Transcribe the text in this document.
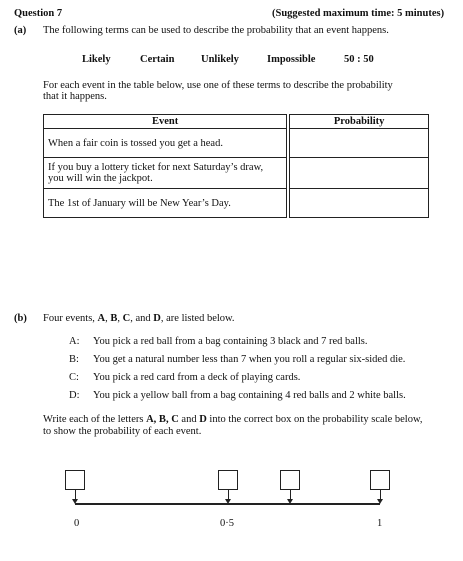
Question 7	(Suggested maximum time: 5 minutes)
(a) The following terms can be used to describe the probability that an event happens.
Likely	Certain	Unlikely	Impossible	50 : 50
For each event in the table below, use one of these terms to describe the probability
that it happens.
Event		Probability
When a fair coin is tossed you get a head.		
If you buy a lottery ticket for next Saturday’s draw,
you will win the jackpot.		
The 1st of January will be New Year’s Day.		
(b) Four events, A, B, C, and D, are listed below.
A: You pick a red ball from a bag containing 3 black and 7 red balls.
B: You get a natural number less than 7 when you roll a regular six-sided die.
C: You pick a red card from a deck of playing cards.
D: You pick a yellow ball from a bag containing 4 red balls and 2 white balls.
Write each of the letters A, B, C and D into the correct box on the probability scale below,
to show the probability of each event.
0	0·5	1
